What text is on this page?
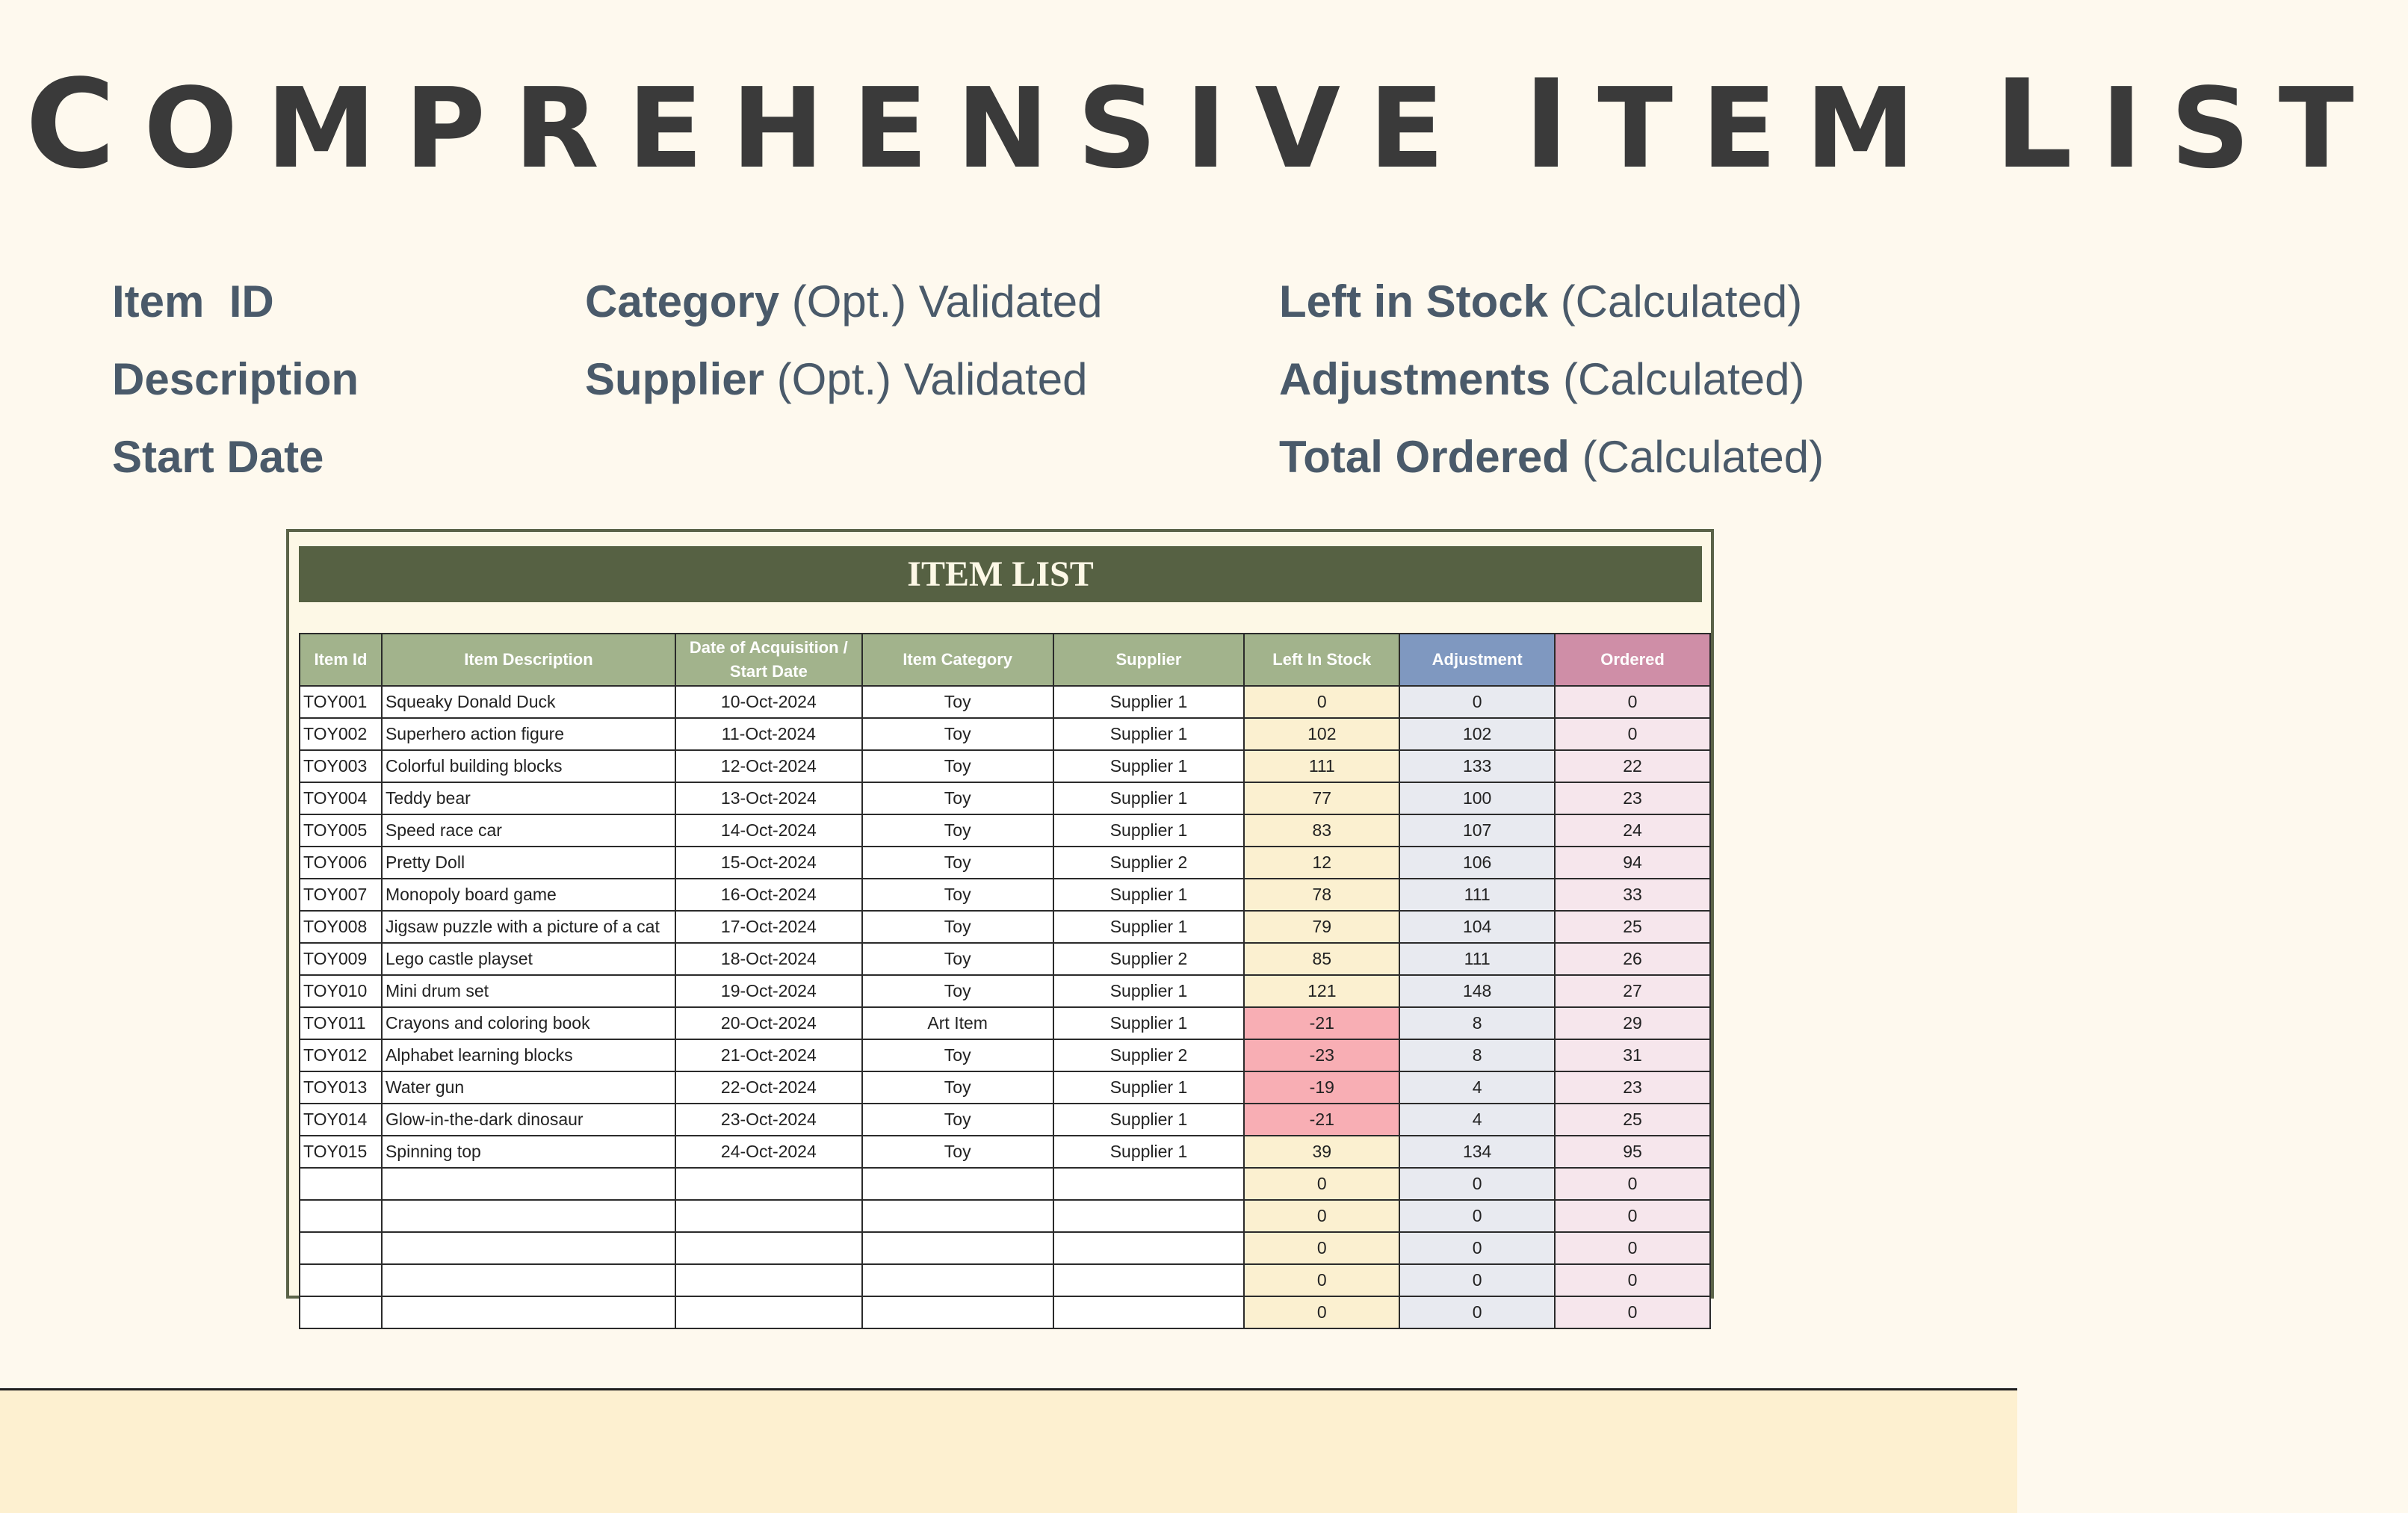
COMPREHENSIVE ITEM LIST
Item  ID
Description
Start Date
Category (Opt.) Validated
Supplier (Opt.) Validated
Left in Stock (Calculated)
Adjustments (Calculated)
Total Ordered (Calculated)
ITEM LIST
Item Id	Item Description	Date of Acquisition / Start Date	Item Category	Supplier	Left In Stock	Adjustment	Ordered
TOY001	Squeaky Donald Duck	10-Oct-2024	Toy	Supplier 1	0	0	0
TOY002	Superhero action figure	11-Oct-2024	Toy	Supplier 1	102	102	0
TOY003	Colorful building blocks	12-Oct-2024	Toy	Supplier 1	111	133	22
TOY004	Teddy bear	13-Oct-2024	Toy	Supplier 1	77	100	23
TOY005	Speed race car	14-Oct-2024	Toy	Supplier 1	83	107	24
TOY006	Pretty Doll	15-Oct-2024	Toy	Supplier 2	12	106	94
TOY007	Monopoly board game	16-Oct-2024	Toy	Supplier 1	78	111	33
TOY008	Jigsaw puzzle with a picture of a cat	17-Oct-2024	Toy	Supplier 1	79	104	25
TOY009	Lego castle playset	18-Oct-2024	Toy	Supplier 2	85	111	26
TOY010	Mini drum set	19-Oct-2024	Toy	Supplier 1	121	148	27
TOY011	Crayons and coloring book	20-Oct-2024	Art Item	Supplier 1	-21	8	29
TOY012	Alphabet learning blocks	21-Oct-2024	Toy	Supplier 2	-23	8	31
TOY013	Water gun	22-Oct-2024	Toy	Supplier 1	-19	4	23
TOY014	Glow-in-the-dark dinosaur	23-Oct-2024	Toy	Supplier 1	-21	4	25
TOY015	Spinning top	24-Oct-2024	Toy	Supplier 1	39	134	95
					0	0	0
					0	0	0
					0	0	0
					0	0	0
					0	0	0
